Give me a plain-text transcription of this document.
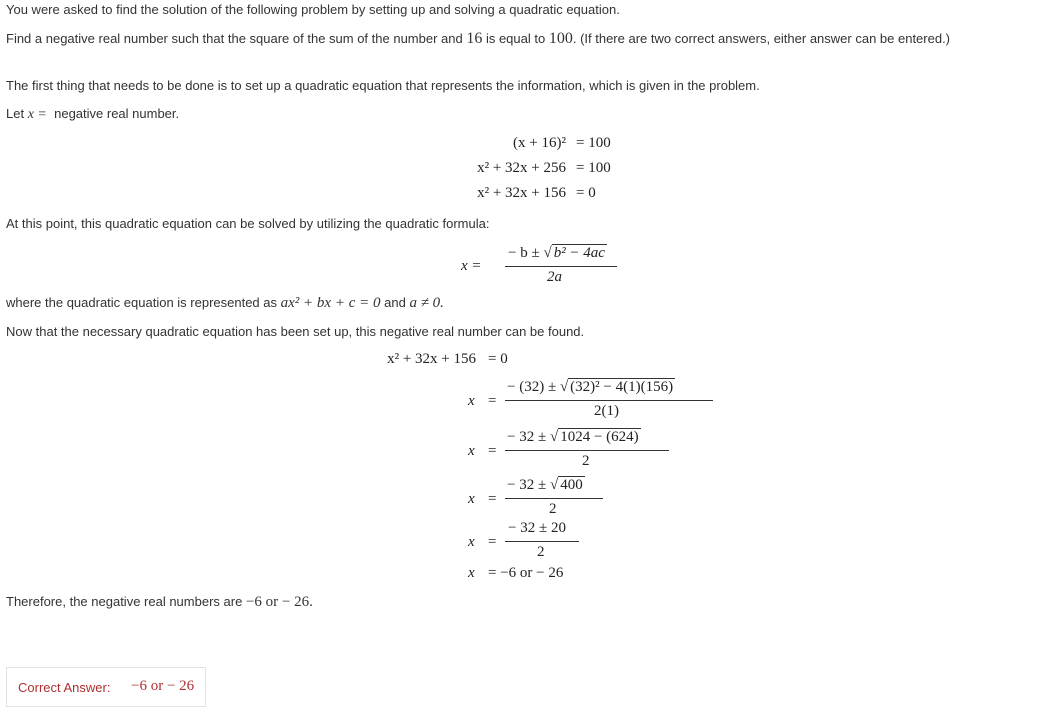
You were asked to find the solution of the following problem by setting up and solving a quadratic equation.
Find a negative real number such that the square of the sum of the number and 16 is equal to 100. (If there are two correct answers, either answer can be entered.)
The first thing that needs to be done is to set up a quadratic equation that represents the information, which is given in the problem.
Let x = negative real number.
(x + 16)² = 100
x² + 32x + 256 = 100
x² + 32x + 156 = 0
At this point, this quadratic equation can be solved by utilizing the quadratic formula:
x =
− b ± √ b² − 4ac
2a
where the quadratic equation is represented as ax² + bx + c = 0 and a ≠ 0.
Now that the necessary quadratic equation has been set up, this negative real number can be found.
x² + 32x + 156 = 0
x =
− (32) ± √ (32)² − 4(1)(156)
2(1)
x =
− 32 ± √ 1024 − (624)
2
x =
− 32 ± √ 400
2
x =
− 32 ± 20
2
x = −6 or − 26
Therefore, the negative real numbers are −6 or − 26.
Correct Answer: −6 or − 26
